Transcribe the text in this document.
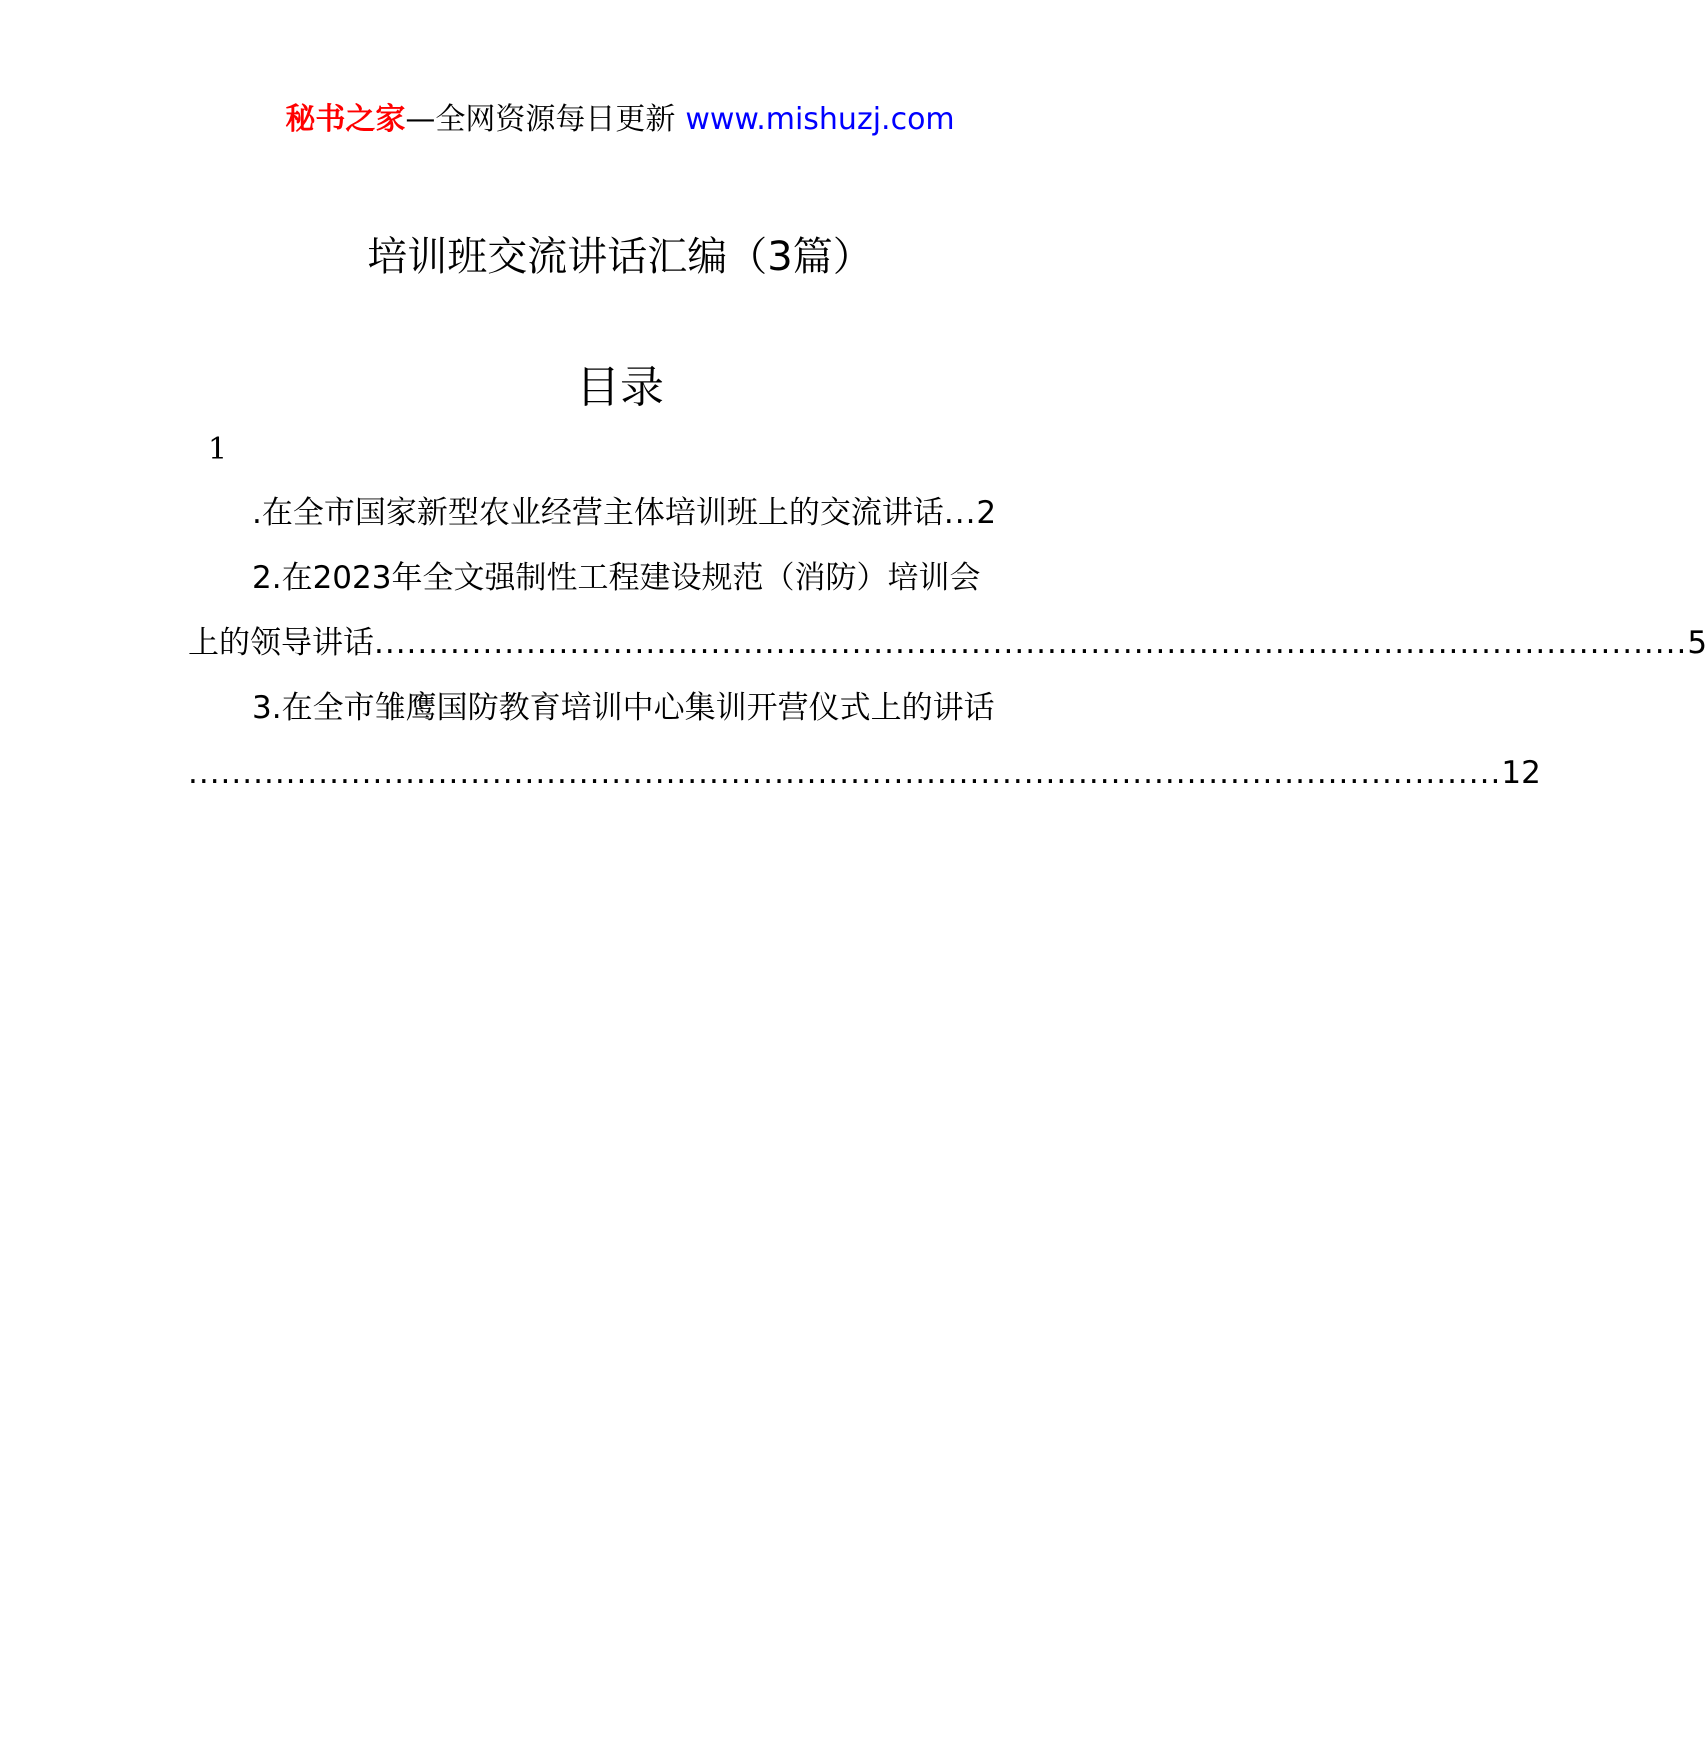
秘书之家—全网资源每日更新 www.mishuzj.com
培训班交流讲话汇编（3篇）
目录
1
.在全市国家新型农业经营主体培训班上的交流讲话 ... 2
2.在2023年全文强制性工程建设规范（消防）培训会
上的领导讲话 ......................................................................................................................... 5
3.在全市雏鹰国防教育培训中心集训开营仪式上的讲话
......................................................................................................................... 12
